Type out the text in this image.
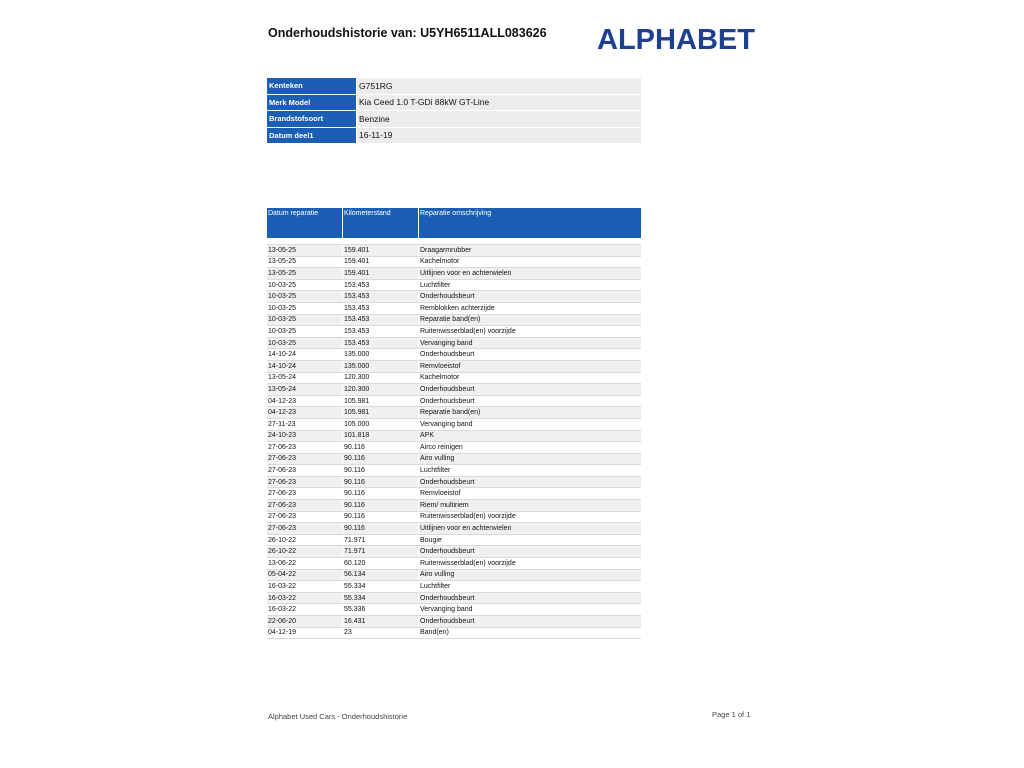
Onderhoudshistorie van: U5YH6511ALL083626 ALPHABET
Kenteken	G751RG
Merk Model	Kia Ceed 1.0 T-GDi 88kW GT-Line
Brandstofsoort	Benzine
Datum deel1	16-11-19
Datum reparatie	Kilometerstand	Reparatie omschrijving

13-05-25	159.401	Draagarmrubber
13-05-25	159.401	Kachelmotor
13-05-25	159.401	Uitlijnen voor en achterwielen
10-03-25	153.453	Luchtfilter
10-03-25	153.453	Onderhoudsbeurt
10-03-25	153.453	Remblokken achterzijde
10-03-25	153.453	Reparatie band(en)
10-03-25	153.453	Ruitenwisserblad(en) voorzijde
10-03-25	153.453	Vervanging band
14-10-24	135.000	Onderhoudsbeurt
14-10-24	135.000	Remvloeistof
13-05-24	120.300	Kachelmotor
13-05-24	120.300	Onderhoudsbeurt
04-12-23	105.981	Onderhoudsbeurt
04-12-23	105.981	Reparatie band(en)
27-11-23	105.000	Vervanging band
24-10-23	101.818	APK
27-06-23	90.116	Airco reinigen
27-06-23	90.116	Airo vulling
27-06-23	90.116	Luchtfilter
27-06-23	90.116	Onderhoudsbeurt
27-06-23	90.116	Remvloeistof
27-06-23	90.116	Riem/ multiriem
27-06-23	90.116	Ruitenwisserblad(en) voorzijde
27-06-23	90.116	Uitlijnen voor en achterwielen
26-10-22	71.971	Bougie
26-10-22	71.971	Onderhoudsbeurt
13-06-22	60.120	Ruitenwisserblad(en) voorzijde
05-04-22	56.134	Airo vulling
16-03-22	55.334	Luchtfilter
16-03-22	55.334	Onderhoudsbeurt
16-03-22	55.336	Vervanging band
22-06-20	16.431	Onderhoudsbeurt
04-12-19	23	Band(en)
Alphabet Used Cars - Onderhoudshistorie	Page 1 of 1
